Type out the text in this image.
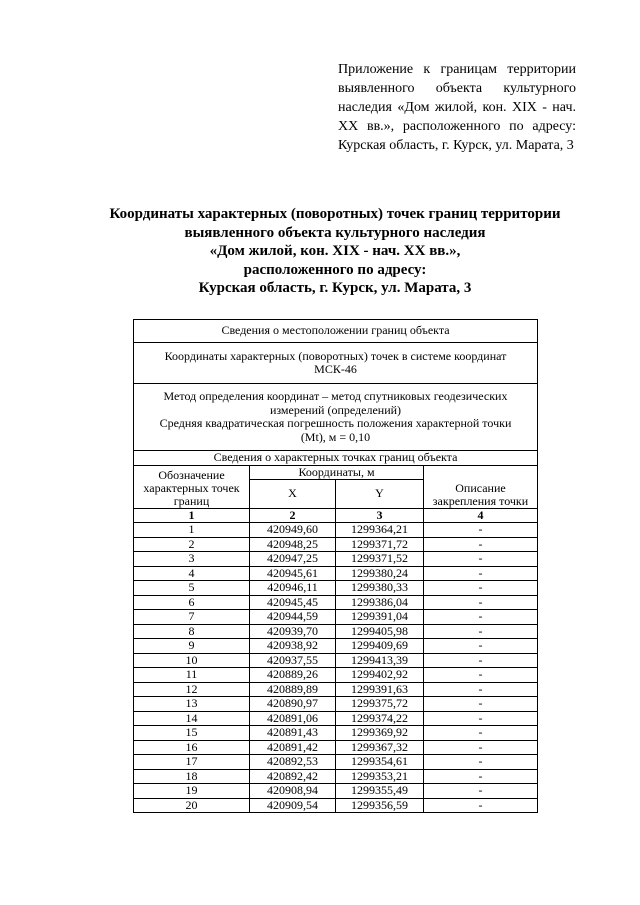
Приложение к границам территории выявленного объекта культурного наследия «Дом жилой, кон. XIX - нач. XX вв.», расположенного по адресу: Курская область, г. Курск, ул. Марата, 3

Координаты характерных (поворотных) точек границ территории
выявленного объекта культурного наследия
«Дом жилой, кон. XIX - нач. XX вв.»,
расположенного по адресу:
Курская область, г. Курск, ул. Марата, 3
Сведения о местоположении границ объекта			

Координаты характерных (поворотных) точек в системе координат
МСК-46			

Метод определения координат – метод спутниковых геодезических
измерений (определений)
Средняя квадратическая погрешность положения характерной точки
(Mt), м = 0,10			

Сведения о характерных точках границ объекта			
Обозначение характерных точек границ	Координаты, м		Описание закрепления точки
	X	Y	
1	2	3	4
1	420949,60	1299364,21	-
2	420948,25	1299371,72	-
3	420947,25	1299371,52	-
4	420945,61	1299380,24	-
5	420946,11	1299380,33	-
6	420945,45	1299386,04	-
7	420944,59	1299391,04	-
8	420939,70	1299405,98	-
9	420938,92	1299409,69	-
10	420937,55	1299413,39	-
11	420889,26	1299402,92	-
12	420889,89	1299391,63	-
13	420890,97	1299375,72	-
14	420891,06	1299374,22	-
15	420891,43	1299369,92	-
16	420891,42	1299367,32	-
17	420892,53	1299354,61	-
18	420892,42	1299353,21	-
19	420908,94	1299355,49	-
20	420909,54	1299356,59	-
